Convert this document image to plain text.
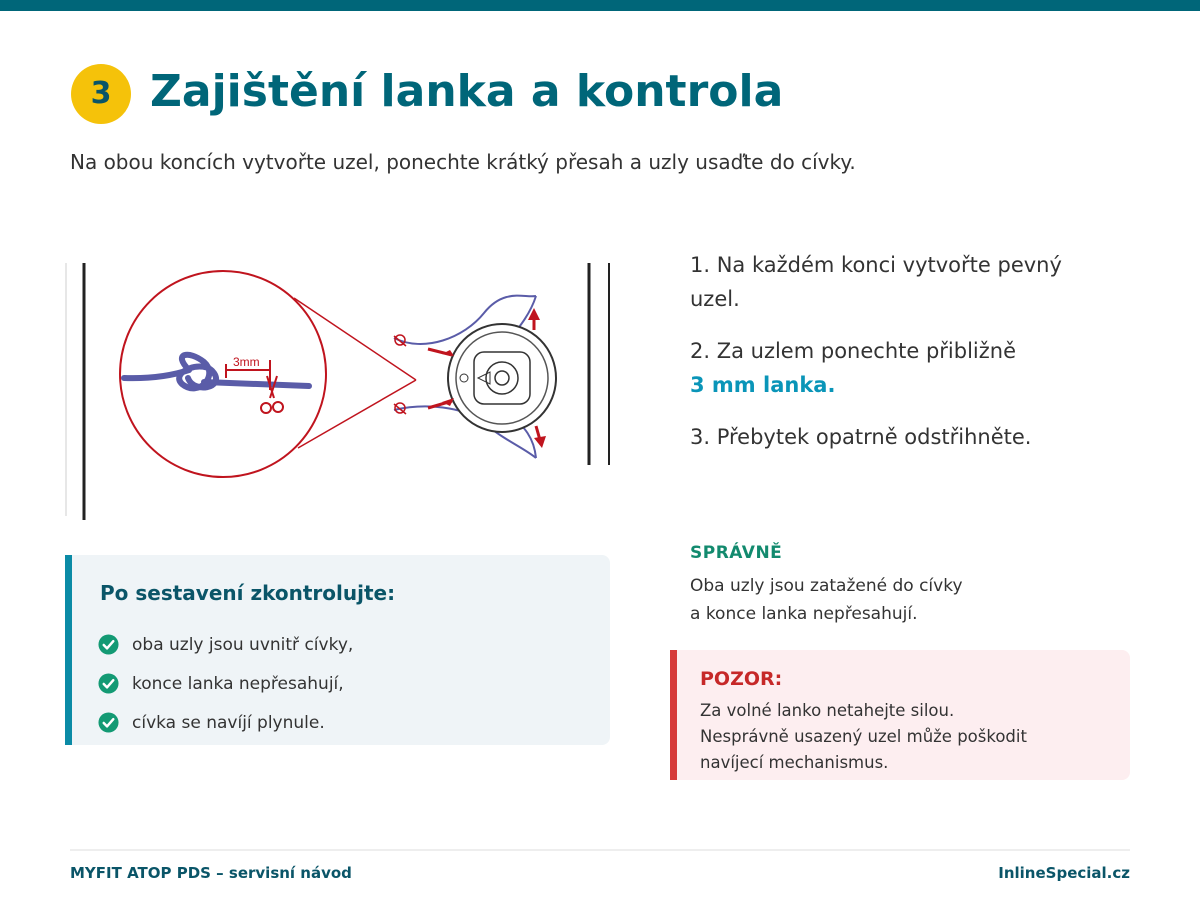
3 Zajištění lanka a kontrola

Na obou koncích vytvořte uzel, ponechte krátký přesah a uzly usaďte do cívky.

3mm

1. Na každém konci vytvořte pevný uzel.

2. Za uzlem ponechte přibližně
3 mm lanka.

3. Přebytek opatrně odstřihněte.

Po sestavení zkontrolujte:
oba uzly jsou uvnitř cívky,
konce lanka nepřesahují,
cívka se navíjí plynule.
SPRÁVNĚ
Oba uzly jsou zatažené do cívky
a konce lanka nepřesahují.
POZOR:
Za volné lanko netahejte silou.
Nesprávně usazený uzel může poškodit
navíjecí mechanismus.
MYFIT ATOP PDS – servisní návod	InlineSpecial.cz
